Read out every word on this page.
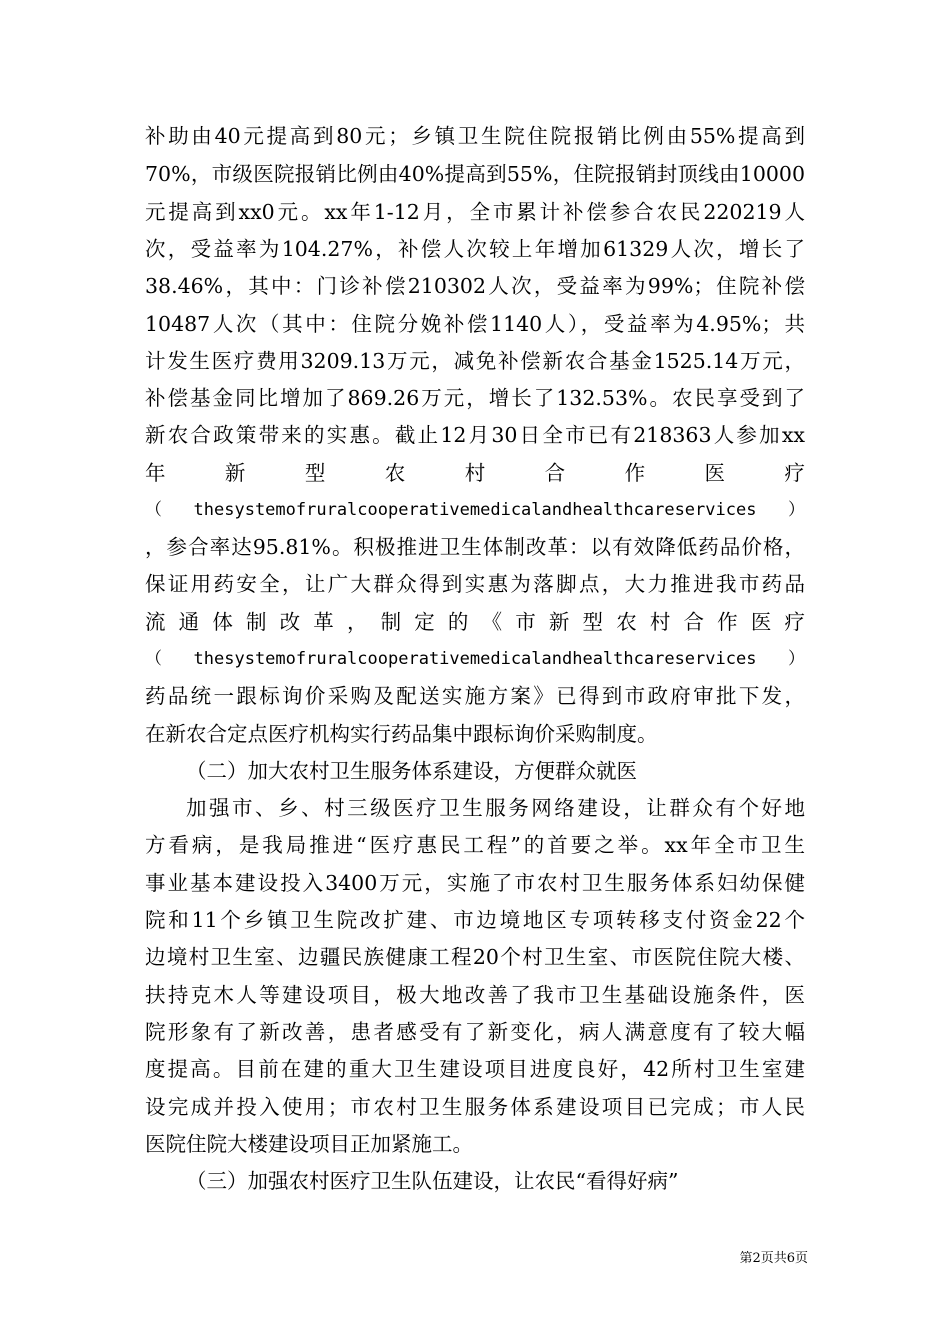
补助由40元提高到80元；乡镇卫生院住院报销比例由55%提高到
70%，市级医院报销比例由40%提高到55%，住院报销封顶线由10000
元提高到xx0元。xx年1-12月，全市累计补偿参合农民220219人
次，受益率为104.27%，补偿人次较上年增加61329人次，增长了
38.46%，其中：门诊补偿210302人次，受益率为99%；住院补偿
10487人次（其中：住院分娩补偿1140人），受益率为4.95%；共
计发生医疗费用3209.13万元，减免补偿新农合基金1525.14万元，
补偿基金同比增加了869.26万元，增长了132.53%。农民享受到了
新农合政策带来的实惠。截止12月30日全市已有218363人参加xx
年　新　型　农　村　合　作　医　疗
（thesystemofruralcooperativemedicalandhealthcareservices）
，参合率达95.81%。积极推进卫生体制改革：以有效降低药品价格，
保证用药安全，让广大群众得到实惠为落脚点，大力推进我市药品
流通体制改革，制定的《市新型农村合作医疗
（thesystemofruralcooperativemedicalandhealthcareservices）
药品统一跟标询价采购及配送实施方案》已得到市政府审批下发，
在新农合定点医疗机构实行药品集中跟标询价采购制度。
（二）加大农村卫生服务体系建设，方便群众就医
加强市、乡、村三级医疗卫生服务网络建设，让群众有个好地
方看病，是我局推进“医疗惠民工程”的首要之举。xx年全市卫生
事业基本建设投入3400万元，实施了市农村卫生服务体系妇幼保健
院和11个乡镇卫生院改扩建、市边境地区专项转移支付资金22个
边境村卫生室、边疆民族健康工程20个村卫生室、市医院住院大楼、
扶持克木人等建设项目，极大地改善了我市卫生基础设施条件，医
院形象有了新改善，患者感受有了新变化，病人满意度有了较大幅
度提高。目前在建的重大卫生建设项目进度良好，42所村卫生室建
设完成并投入使用；市农村卫生服务体系建设项目已完成；市人民
医院住院大楼建设项目正加紧施工。
（三）加强农村医疗卫生队伍建设，让农民“看得好病”
第2页共6页
